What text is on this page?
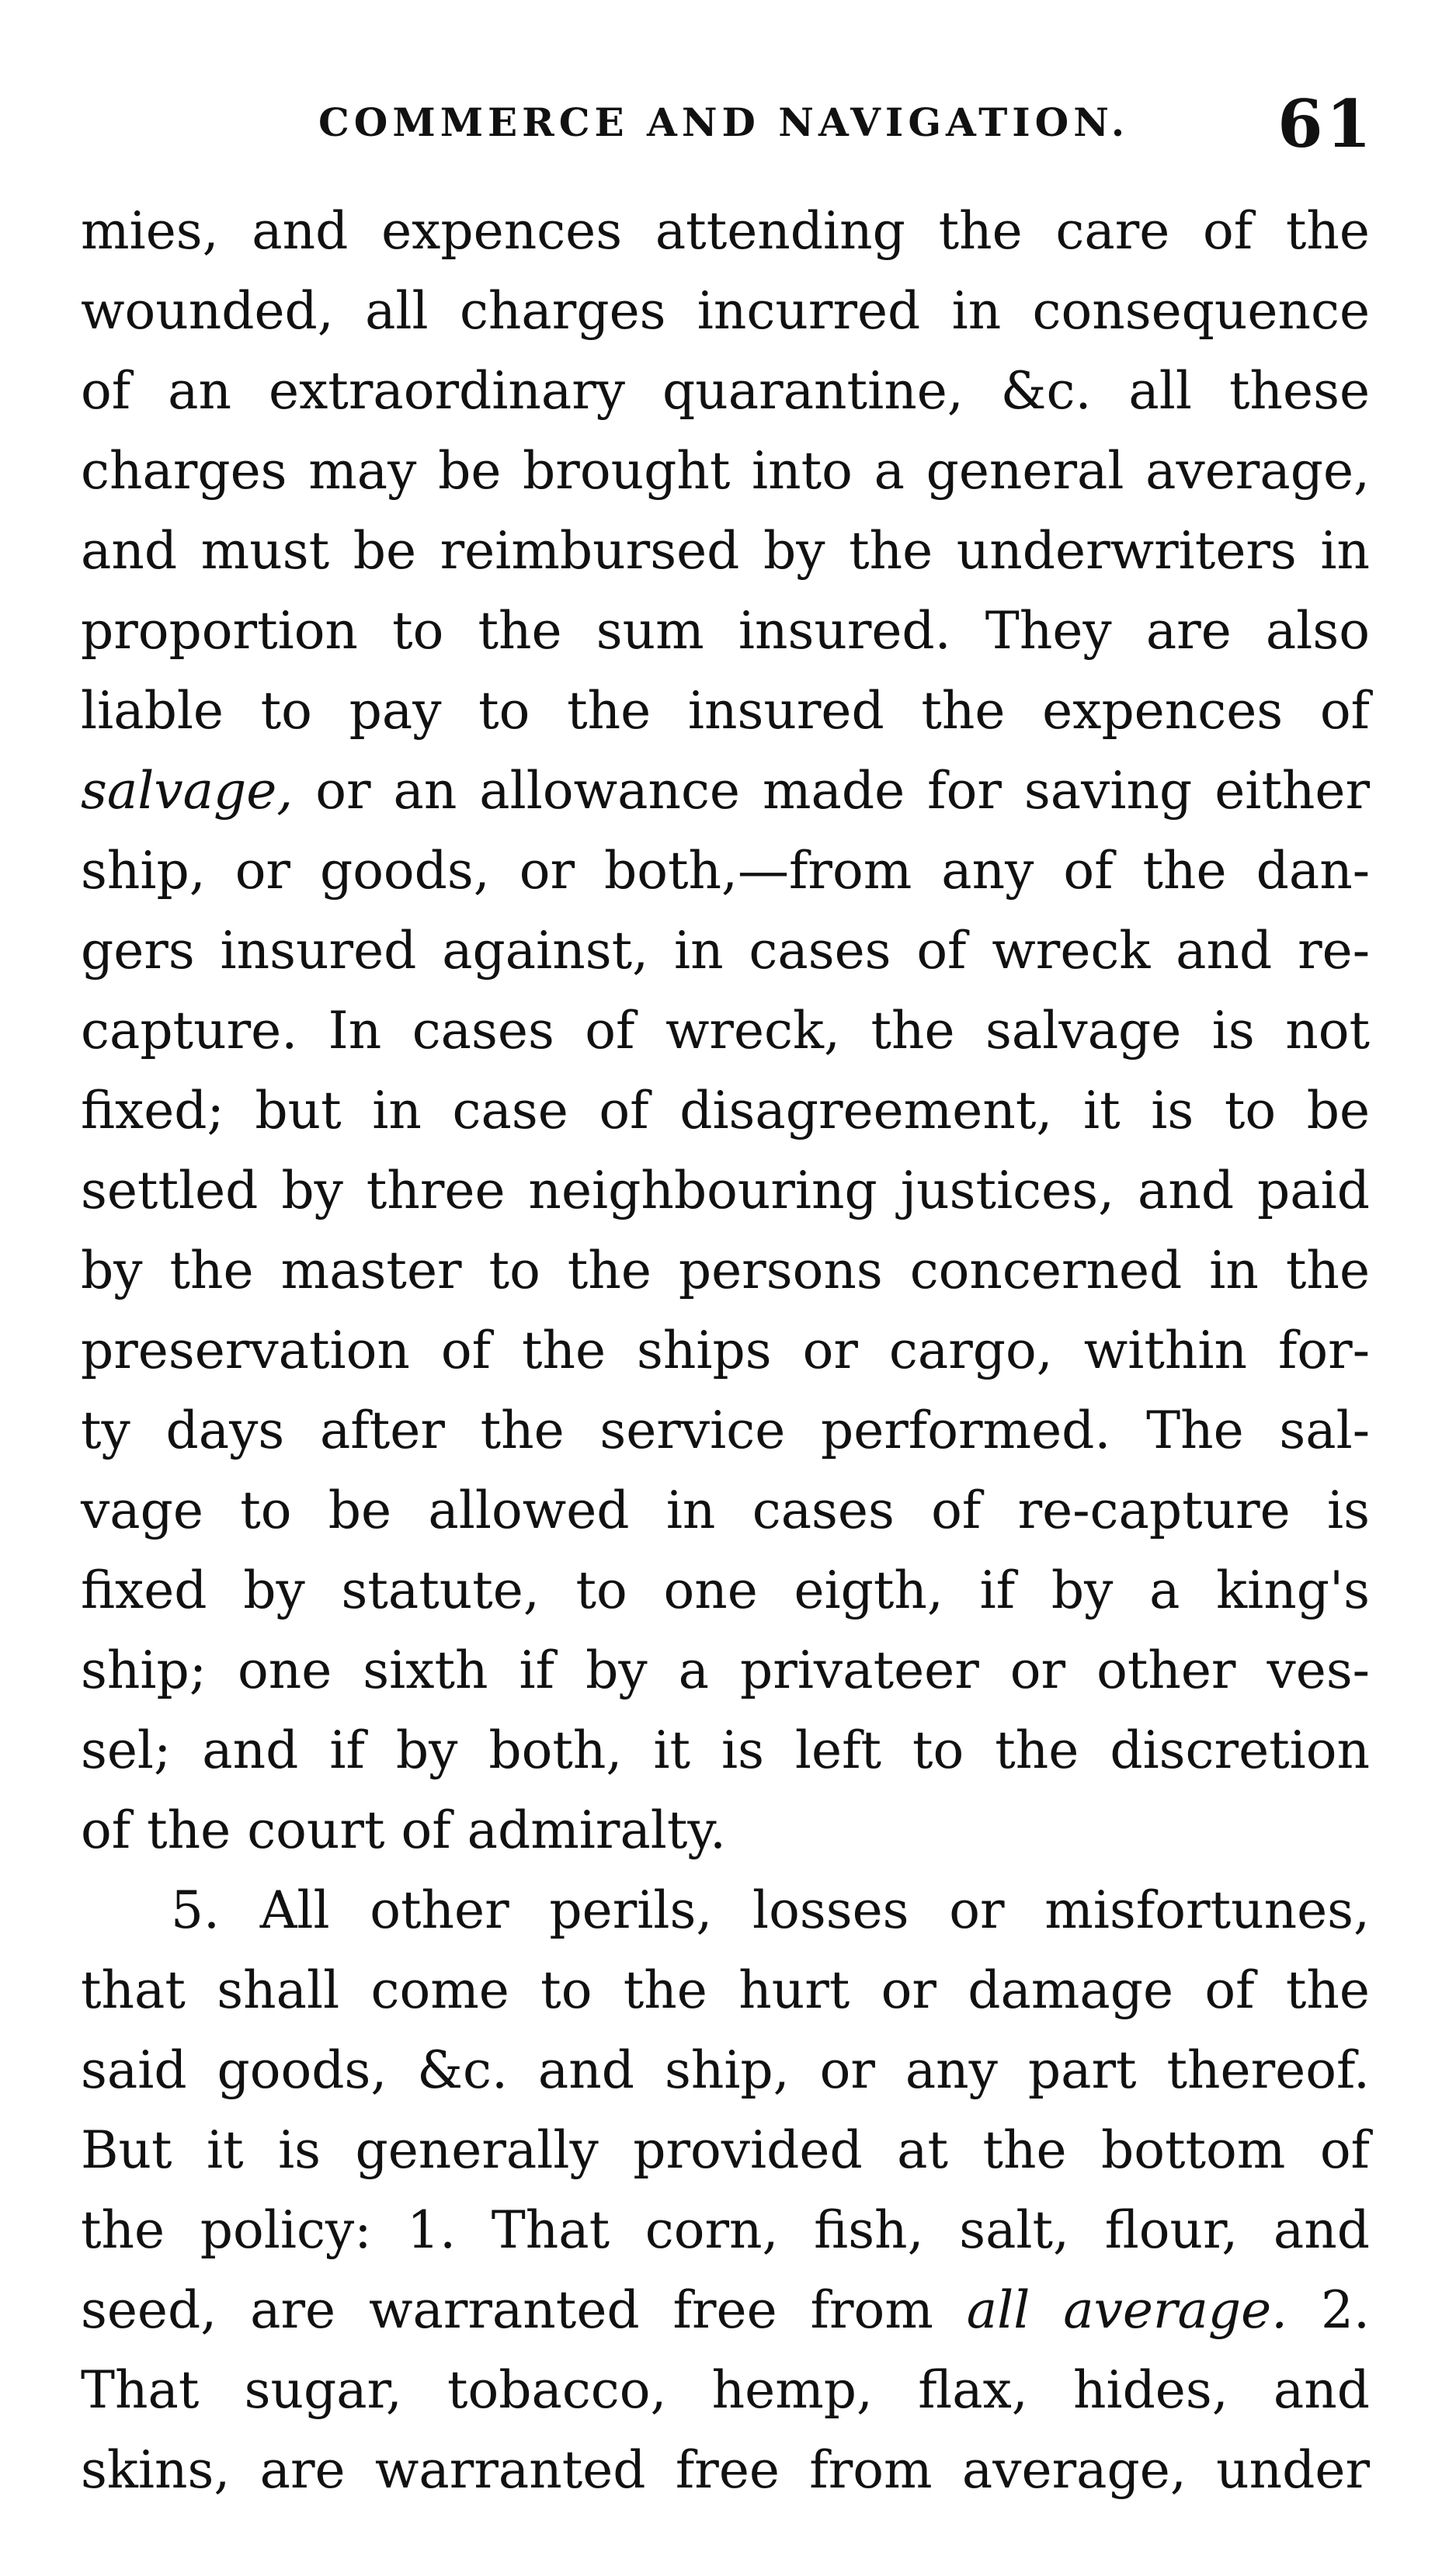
COMMERCE AND NAVIGATION. 61
mies, and expences attending the care of the
wounded, all charges incurred in consequence
of an extraordinary quarantine, &c. all these
charges may be brought into a general average,
and must be reimbursed by the underwriters in
proportion to the sum insured. They are also
liable to pay to the insured the expences of
salvage, or an allowance made for saving either
ship, or goods, or both,—from any of the dan-
gers insured against, in cases of wreck and re-
capture. In cases of wreck, the salvage is not
fixed; but in case of disagreement, it is to be
settled by three neighbouring justices, and paid
by the master to the persons concerned in the
preservation of the ships or cargo, within for-
ty days after the service performed. The sal-
vage to be allowed in cases of re-capture is
fixed by statute, to one eigth, if by a king's
ship; one sixth if by a privateer or other ves-
sel; and if by both, it is left to the discretion
of the court of admiralty.
5. All other perils, losses or misfortunes,
that shall come to the hurt or damage of the
said goods, &c. and ship, or any part thereof.
But it is generally provided at the bottom of
the policy: 1. That corn, fish, salt, flour, and
seed, are warranted free from all average. 2.
That sugar, tobacco, hemp, flax, hides, and
skins, are warranted free from average, under
